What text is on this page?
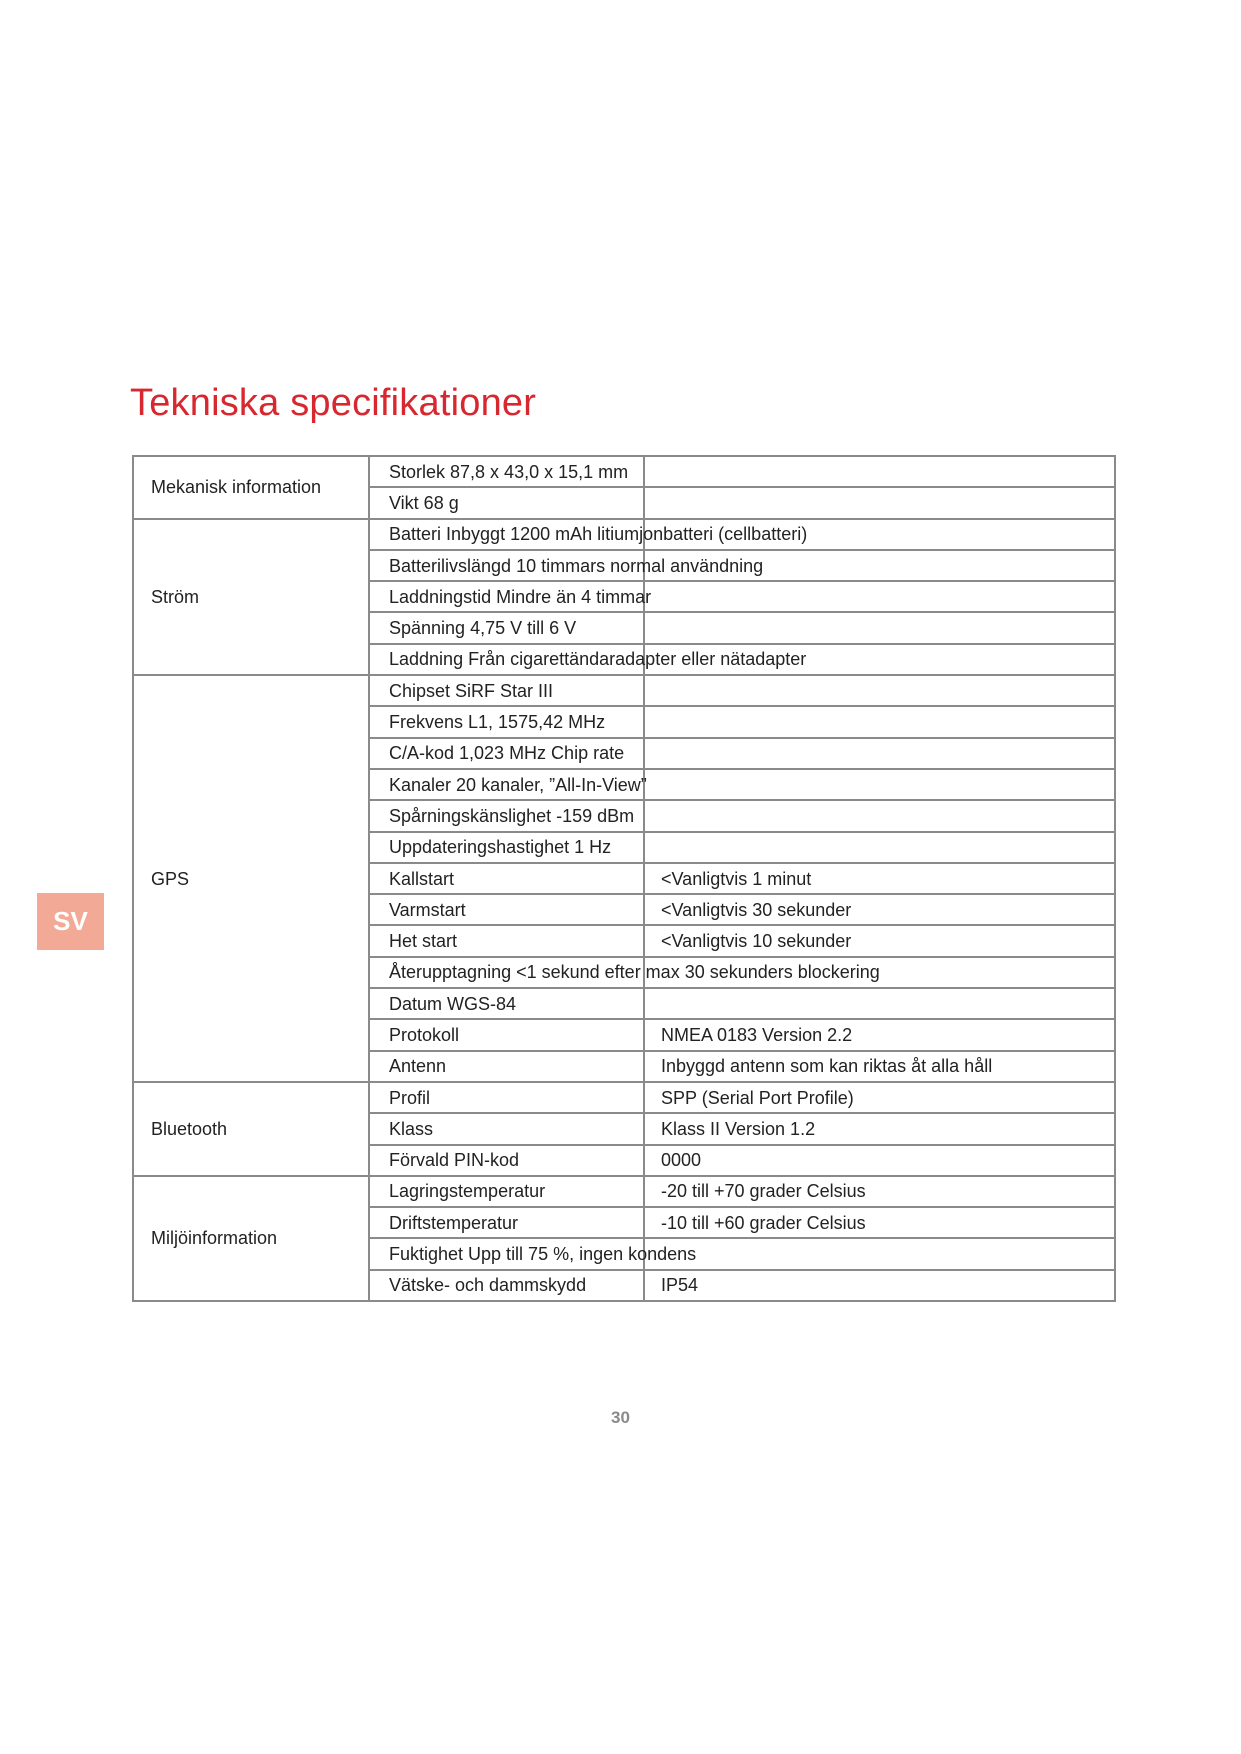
Tekniska specifikationer
SV
Mekanisk information	Storlek 87,8 x 43,0 x 15,1 mm	
	Vikt 68 g	
Ström	Batteri Inbyggt 1200 mAh litiumjonbatteri (cellbatteri)	
	Batterilivslängd 10 timmars normal användning	
	Laddningstid Mindre än 4 timmar	
	Spänning 4,75 V till 6 V	
	Laddning Från cigarettändaradapter eller nätadapter	
GPS	Chipset SiRF Star III	
	Frekvens L1, 1575,42 MHz	
	C/A-kod 1,023 MHz Chip rate	
	Kanaler 20 kanaler, ”All-In-View”	
	Spårningskänslighet -159 dBm	
	Uppdateringshastighet 1 Hz	
	Kallstart	<Vanligtvis 1 minut
	Varmstart	<Vanligtvis 30 sekunder
	Het start	<Vanligtvis 10 sekunder
	Återupptagning <1 sekund efter max 30 sekunders blockering	
	Datum WGS-84	
	Protokoll	NMEA 0183 Version 2.2
	Antenn	Inbyggd antenn som kan riktas åt alla håll
Bluetooth	Profil	SPP (Serial Port Profile)
	Klass	Klass II Version 1.2
	Förvald PIN-kod	0000
Miljöinformation	Lagringstemperatur	-20 till +70 grader Celsius
	Driftstemperatur	-10 till +60 grader Celsius
	Fuktighet Upp till 75 %, ingen kondens	
	Vätske- och dammskydd	IP54
30
